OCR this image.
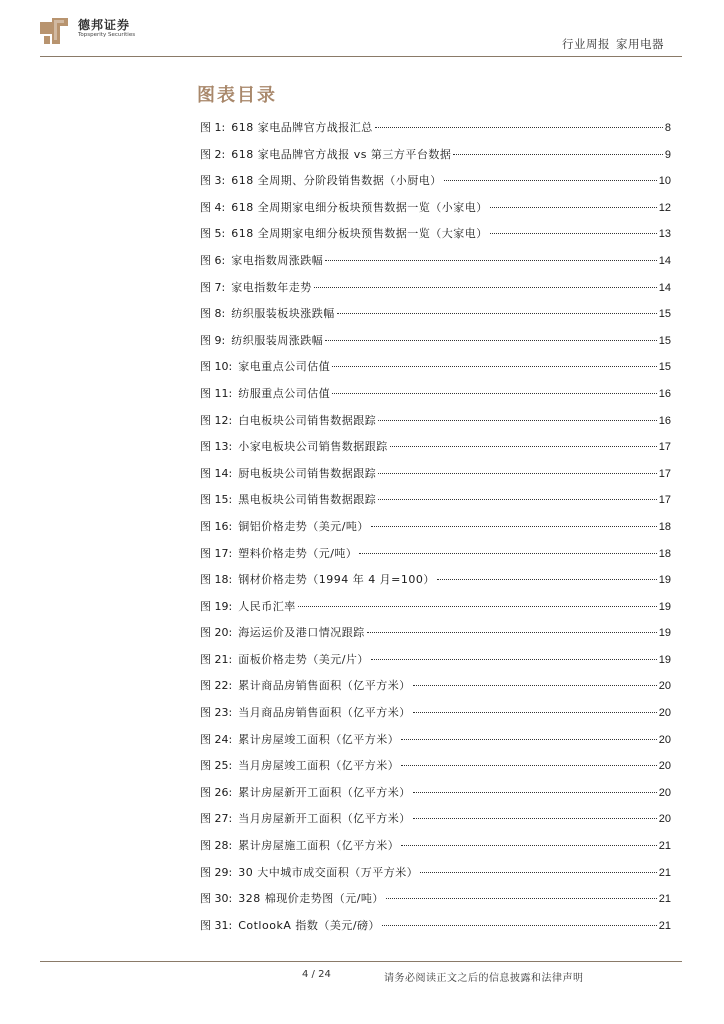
德邦证券
Topsperity Securities
行业周报 家用电器
图表目录
图 1: 618 家电品牌官方战报汇总	8
图 2: 618 家电品牌官方战报 vs 第三方平台数据	9
图 3: 618 全周期、分阶段销售数据（小厨电）	10
图 4: 618 全周期家电细分板块预售数据一览（小家电）	12
图 5: 618 全周期家电细分板块预售数据一览（大家电）	13
图 6: 家电指数周涨跌幅	14
图 7: 家电指数年走势	14
图 8: 纺织服装板块涨跌幅	15
图 9: 纺织服装周涨跌幅	15
图 10: 家电重点公司估值	15
图 11: 纺服重点公司估值	16
图 12: 白电板块公司销售数据跟踪	16
图 13: 小家电板块公司销售数据跟踪	17
图 14: 厨电板块公司销售数据跟踪	17
图 15: 黑电板块公司销售数据跟踪	17
图 16: 铜铝价格走势（美元/吨）	18
图 17: 塑料价格走势（元/吨）	18
图 18: 钢材价格走势（1994 年 4 月=100）	19
图 19: 人民币汇率	19
图 20: 海运运价及港口情况跟踪	19
图 21: 面板价格走势（美元/片）	19
图 22: 累计商品房销售面积（亿平方米）	20
图 23: 当月商品房销售面积（亿平方米）	20
图 24: 累计房屋竣工面积（亿平方米）	20
图 25: 当月房屋竣工面积（亿平方米）	20
图 26: 累计房屋新开工面积（亿平方米）	20
图 27: 当月房屋新开工面积（亿平方米）	20
图 28: 累计房屋施工面积（亿平方米）	21
图 29: 30 大中城市成交面积（万平方米）	21
图 30: 328 棉现价走势图（元/吨）	21
图 31: CotlookA 指数（美元/磅）	21
4 / 24	请务必阅读正文之后的信息披露和法律声明
